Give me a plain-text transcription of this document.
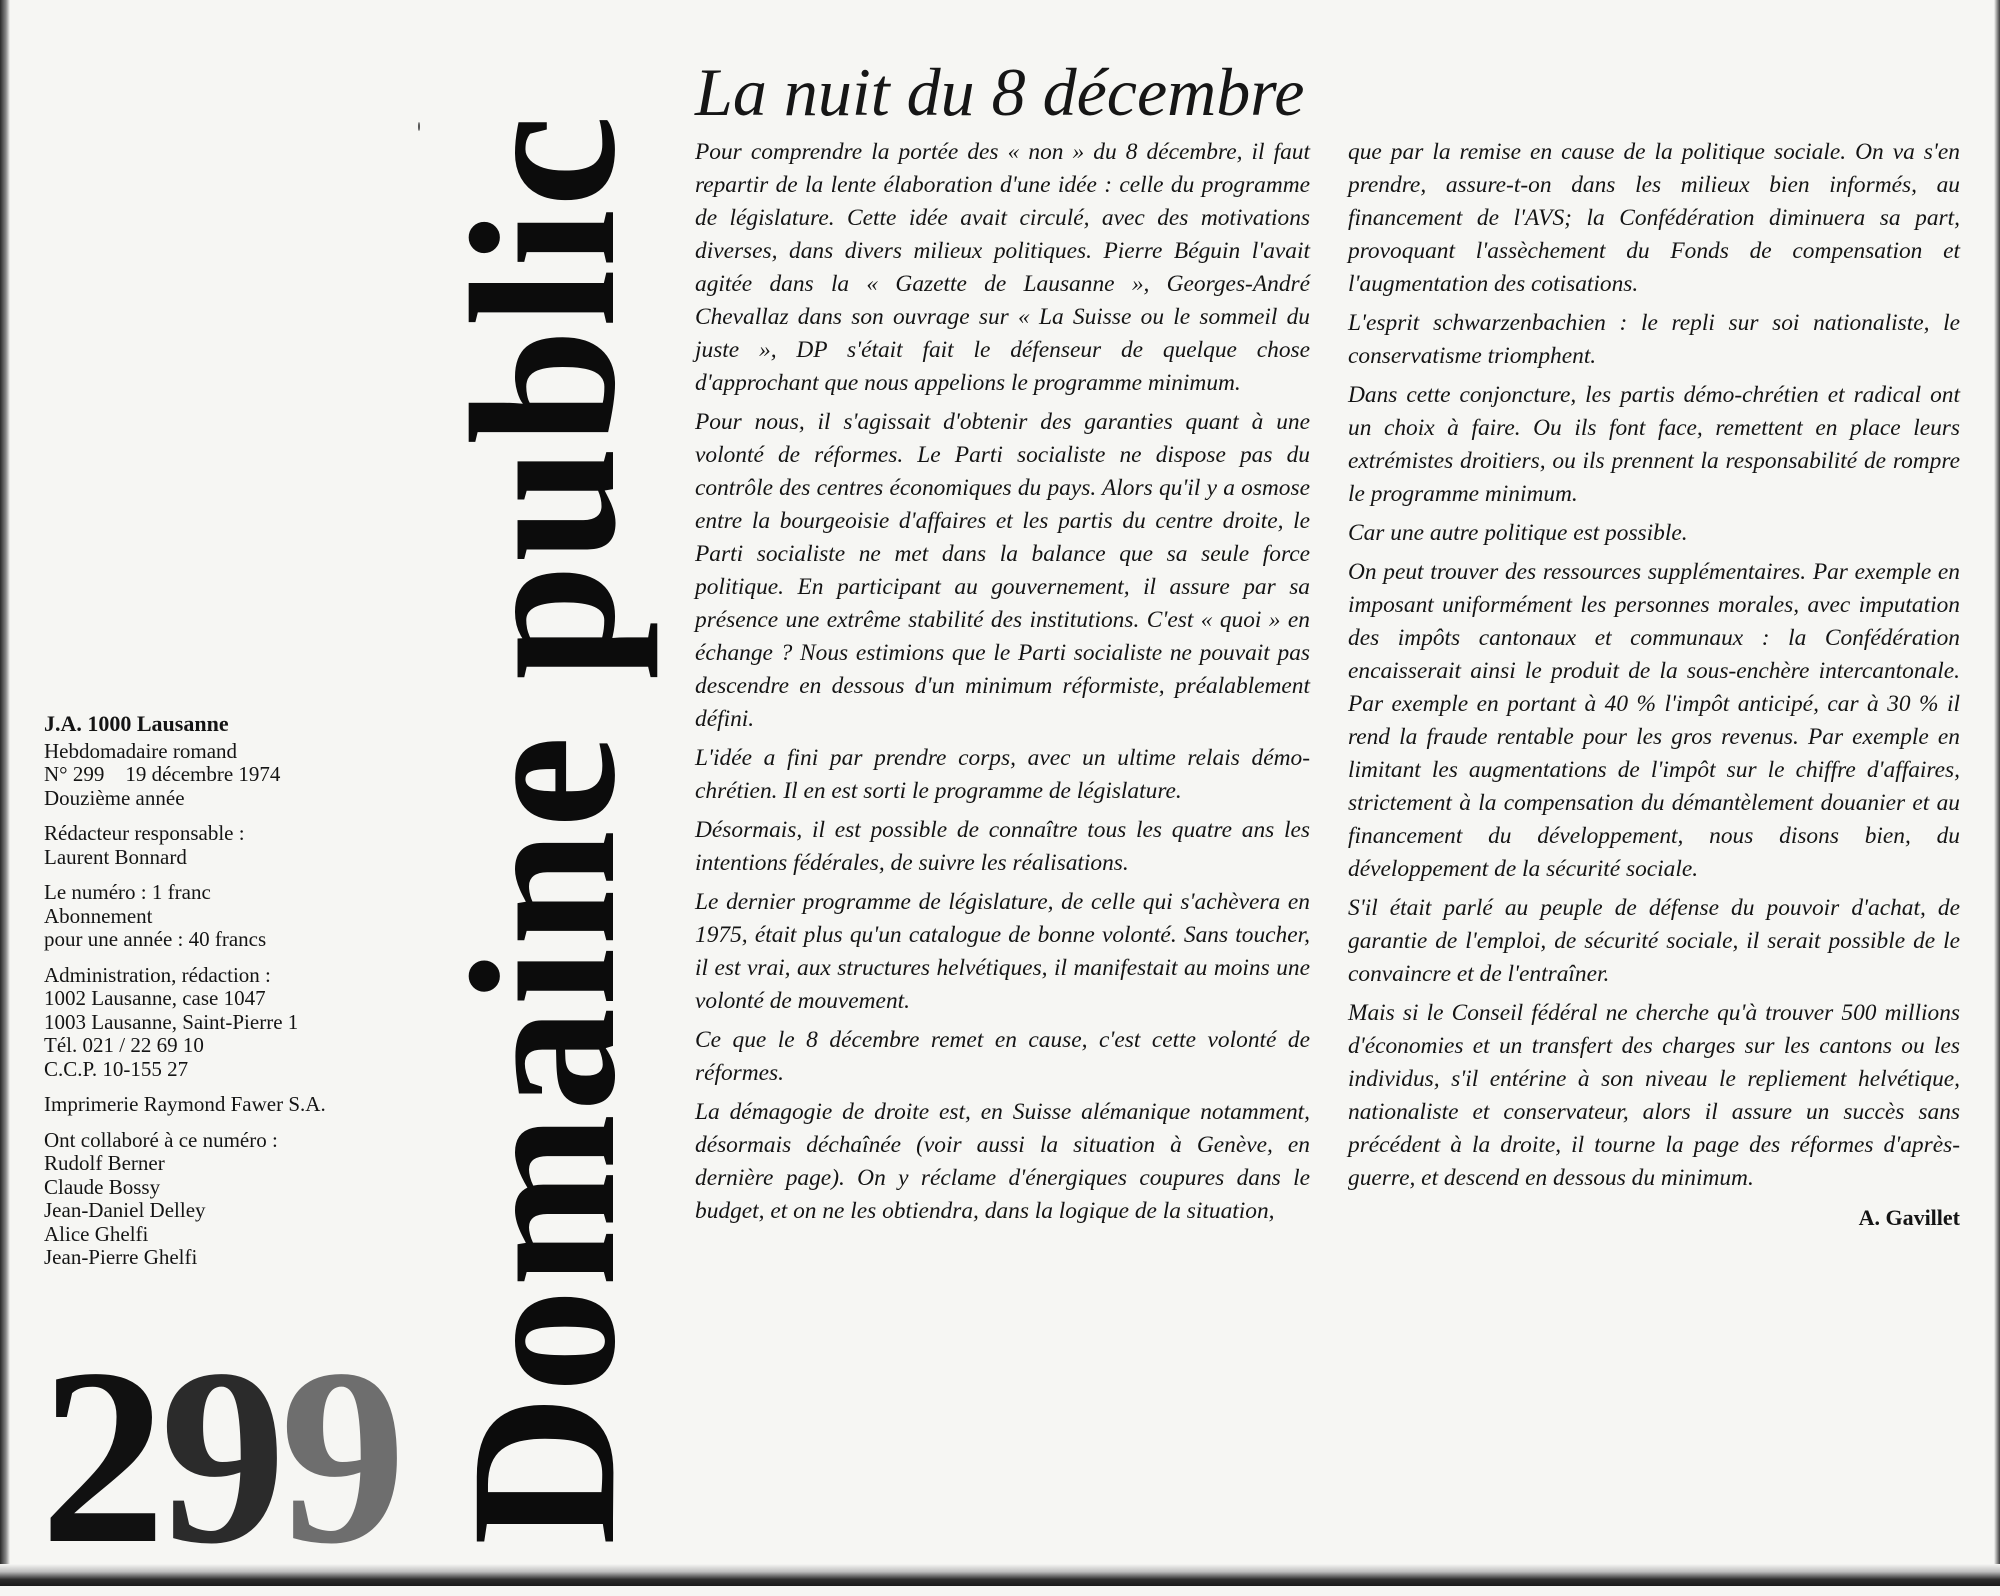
J.A. 1000 Lausanne

Hebdomadaire romand
N° 299    19 décembre 1974
Douzième année

Rédacteur responsable :
Laurent Bonnard

Le numéro : 1 franc
Abonnement
pour une année : 40 francs

Administration, rédaction :
1002 Lausanne, case 1047
1003 Lausanne, Saint-Pierre 1
Tél. 021 / 22 69 10
C.C.P. 10-155 27

Imprimerie Raymond Fawer S.A.

Ont collaboré à ce numéro :
Rudolf Berner
Claude Bossy
Jean-Daniel Delley
Alice Ghelfi
Jean-Pierre Ghelfi

2 9 9 Domaine public
La nuit du 8 décembre

Pour comprendre la portée des « non » du 8 décembre, il faut repartir de la lente élaboration d'une idée : celle du programme de législature. Cette idée avait circulé, avec des motivations diverses, dans divers milieux politiques. Pierre Béguin l'avait agitée dans la « Gazette de Lausanne », Georges-André Chevallaz dans son ouvrage sur « La Suisse ou le sommeil du juste », DP s'était fait le défenseur de quelque chose d'approchant que nous appelions le programme minimum.

Pour nous, il s'agissait d'obtenir des garanties quant à une volonté de réformes. Le Parti socialiste ne dispose pas du contrôle des centres économiques du pays. Alors qu'il y a osmose entre la bourgeoisie d'affaires et les partis du centre droite, le Parti socialiste ne met dans la balance que sa seule force politique. En participant au gouvernement, il assure par sa présence une extrême stabilité des institutions. C'est « quoi » en échange ? Nous estimions que le Parti socialiste ne pouvait pas descendre en dessous d'un minimum réformiste, préalablement défini.

L'idée a fini par prendre corps, avec un ultime relais démo-chrétien. Il en est sorti le programme de législature.

Désormais, il est possible de connaître tous les quatre ans les intentions fédérales, de suivre les réalisations.

Le dernier programme de législature, de celle qui s'achèvera en 1975, était plus qu'un catalogue de bonne volonté. Sans toucher, il est vrai, aux structures helvétiques, il manifestait au moins une volonté de mouvement.

Ce que le 8 décembre remet en cause, c'est cette volonté de réformes.

La démagogie de droite est, en Suisse alémanique notamment, désormais déchaînée (voir aussi la situation à Genève, en dernière page). On y réclame d'énergiques coupures dans le budget, et on ne les obtiendra, dans la logique de la situation,

que par la remise en cause de la politique sociale. On va s'en prendre, assure-t-on dans les milieux bien informés, au financement de l'AVS; la Confédération diminuera sa part, provoquant l'assèchement du Fonds de compensation et l'augmentation des cotisations.

L'esprit schwarzenbachien : le repli sur soi nationaliste, le conservatisme triomphent.

Dans cette conjoncture, les partis démo-chrétien et radical ont un choix à faire. Ou ils font face, remettent en place leurs extrémistes droitiers, ou ils prennent la responsabilité de rompre le programme minimum.

Car une autre politique est possible.

On peut trouver des ressources supplémentaires. Par exemple en imposant uniformément les personnes morales, avec imputation des impôts cantonaux et communaux : la Confédération encaisserait ainsi le produit de la sous-enchère intercantonale. Par exemple en portant à 40 % l'impôt anticipé, car à 30 % il rend la fraude rentable pour les gros revenus. Par exemple en limitant les augmentations de l'impôt sur le chiffre d'affaires, strictement à la compensation du démantèlement douanier et au financement du développement, nous disons bien, du développement de la sécurité sociale.

S'il était parlé au peuple de défense du pouvoir d'achat, de garantie de l'emploi, de sécurité sociale, il serait possible de le convaincre et de l'entraîner.

Mais si le Conseil fédéral ne cherche qu'à trouver 500 millions d'économies et un transfert des charges sur les cantons ou les individus, s'il entérine à son niveau le repliement helvétique, nationaliste et conservateur, alors il assure un succès sans précédent à la droite, il tourne la page des réformes d'après-guerre, et descend en dessous du minimum.

A. Gavillet
